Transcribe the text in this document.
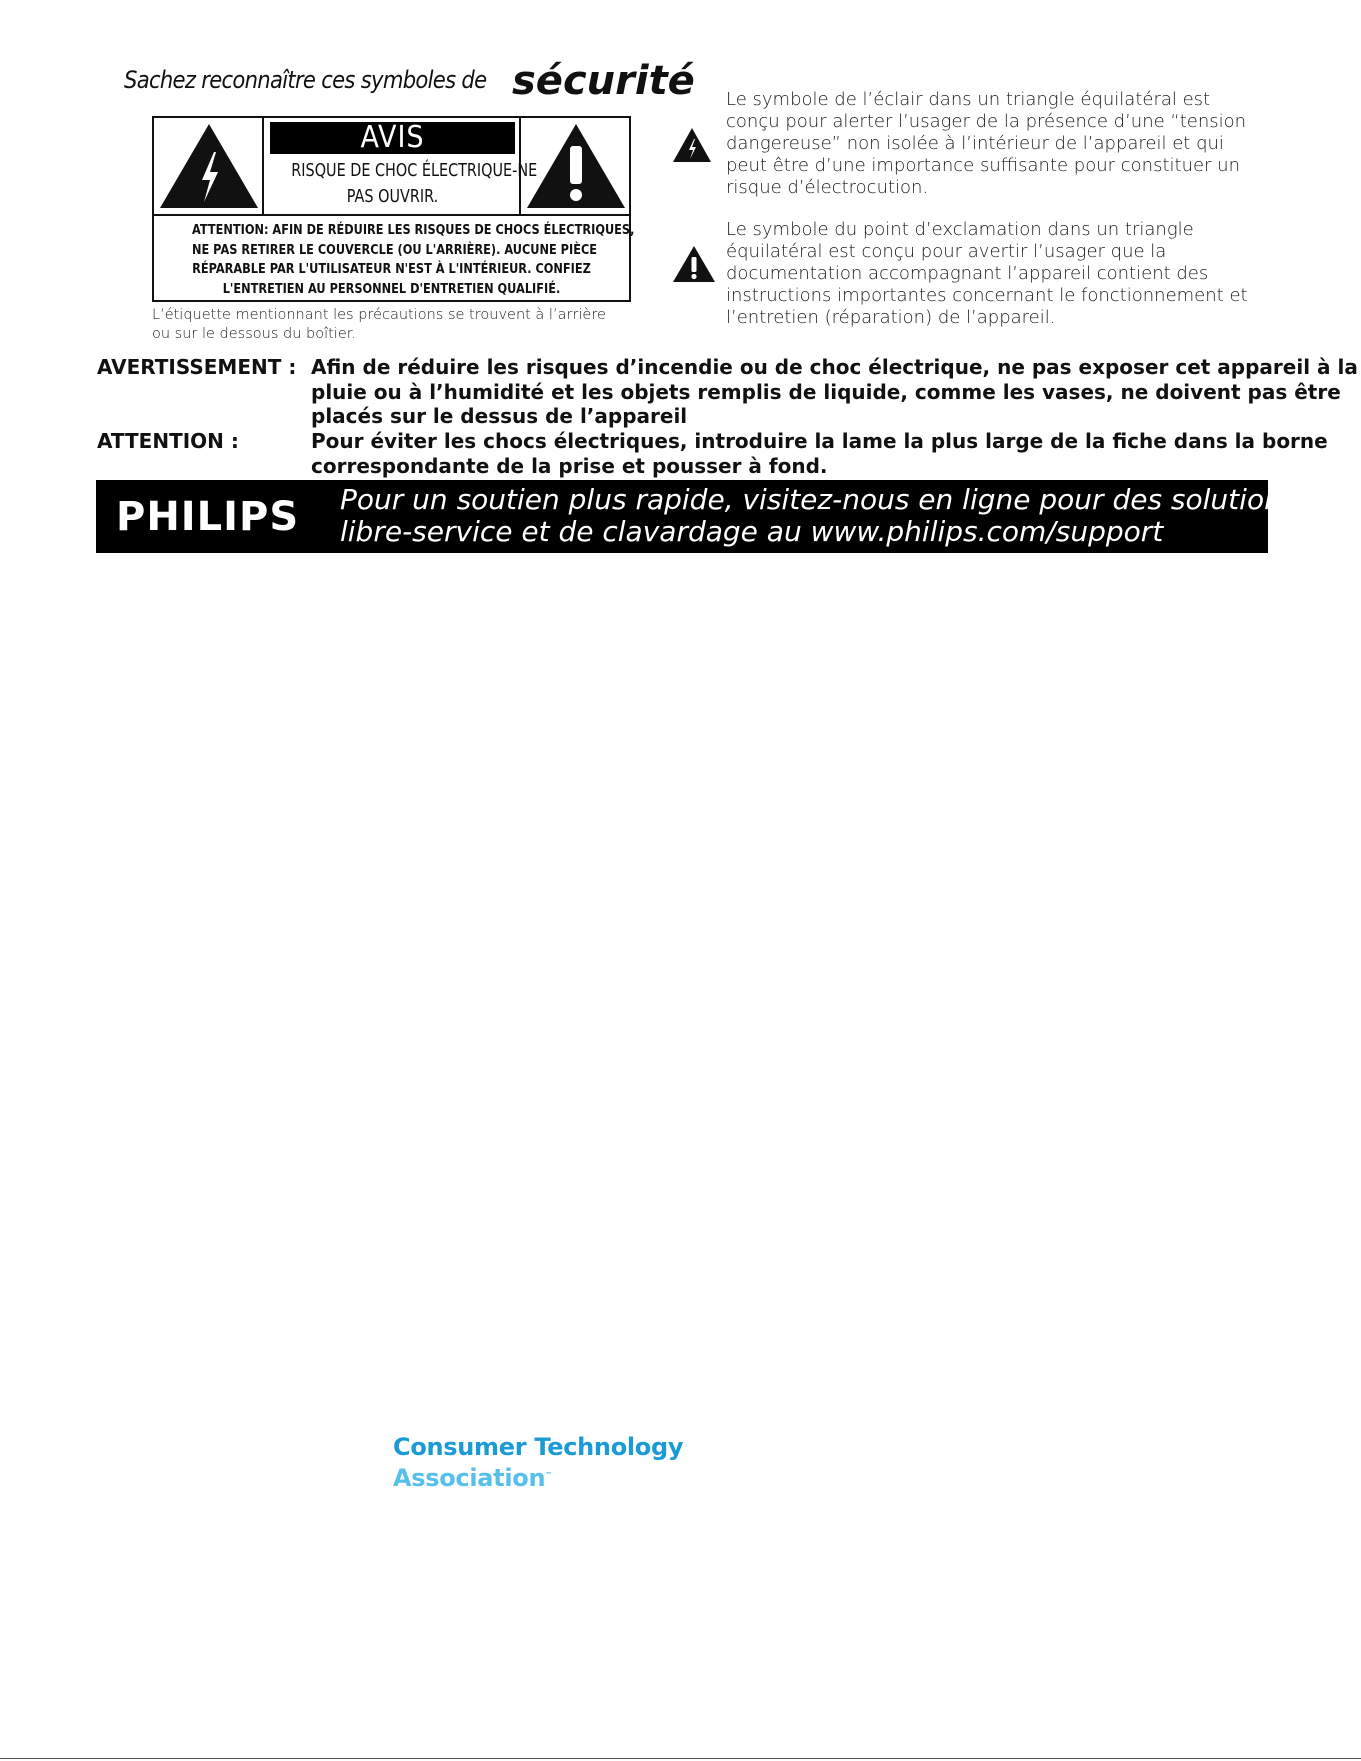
Sachez reconnaître ces symboles de sécurité
AVIS
RISQUE DE CHOC ÉLECTRIQUE-NE
PAS OUVRIR.
ATTENTION: AFIN DE RÉDUIRE LES RISQUES DE CHOCS ÉLECTRIQUES,
NE PAS RETIRER LE COUVERCLE (OU L'ARRIÈRE). AUCUNE PIÈCE
RÉPARABLE PAR L'UTILISATEUR N'EST À L'INTÉRIEUR. CONFIEZ
L'ENTRETIEN AU PERSONNEL D'ENTRETIEN QUALIFIÉ.
L’étiquette mentionnant les précautions se trouvent à l’arrière
ou sur le dessous du boîtier.
Le symbole de l’éclair dans un triangle équilatéral est
conçu pour alerter l’usager de la présence d’une “tension
dangereuse” non isolée à l’intérieur de l’appareil et qui
peut être d’une importance suffisante pour constituer un
risque d’électrocution.
Le symbole du point d’exclamation dans un triangle
équilatéral est conçu pour avertir l’usager que la
documentation accompagnant l’appareil contient des
instructions importantes concernant le fonctionnement et
l’entretien (réparation) de l’appareil.
AVERTISSEMENT : Afin de réduire les risques d’incendie ou de choc électrique, ne pas exposer cet appareil à la
pluie ou à l’humidité et les objets remplis de liquide, comme les vases, ne doivent pas être
placés sur le dessus de l’appareil
ATTENTION :	Pour éviter les chocs électriques, introduire la lame la plus large de la fiche dans la borne
correspondante de la prise et pousser à fond.
PHILIPS Pour un soutien plus rapide, visitez-nous en ligne pour des solutions en
libre-service et de clavardage au www.philips.com/support
Consumer Technology
Association™
